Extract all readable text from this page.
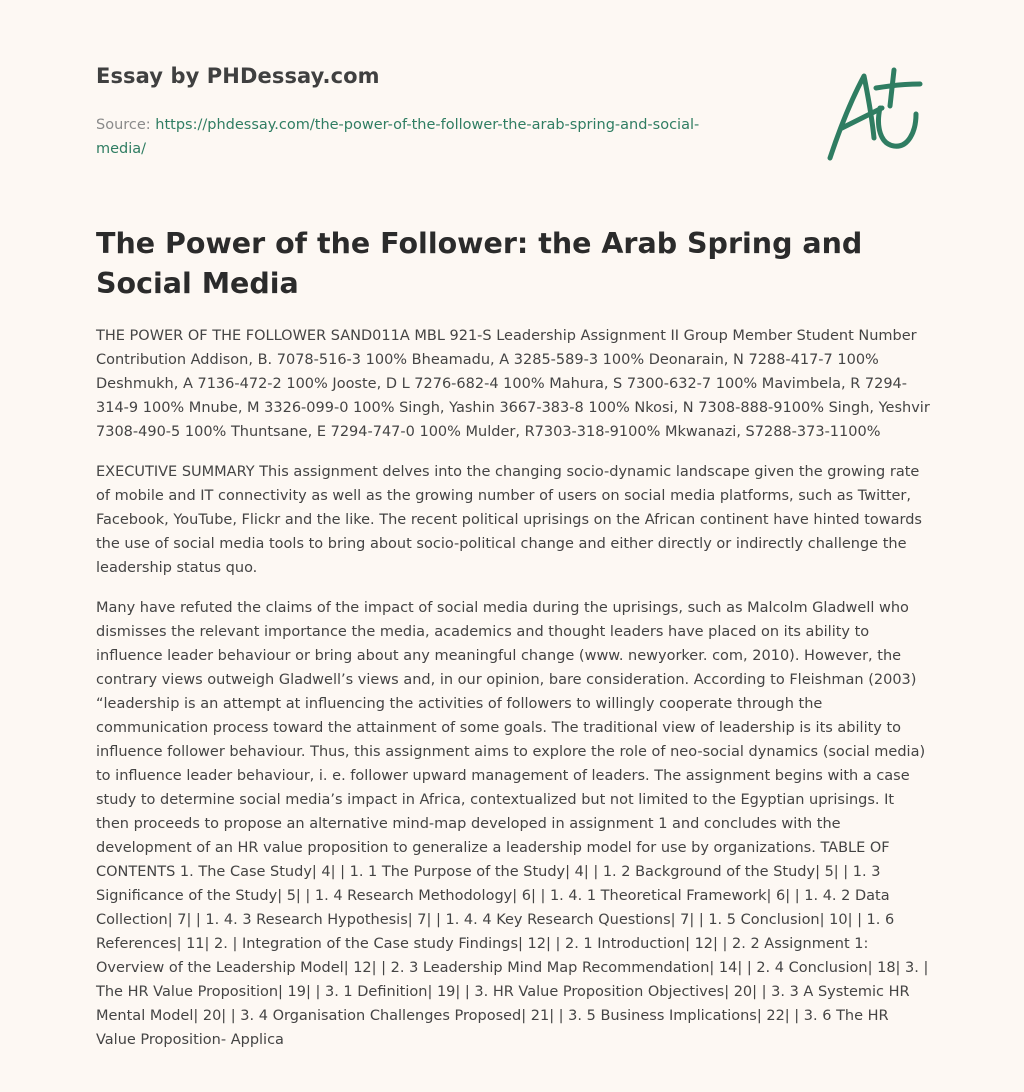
Essay by PHDessay.com
Source: https://phdessay.com/the-power-of-the-follower-the-arab-spring-and-social-media/
The Power of the Follower: the Arab Spring and Social Media

THE POWER OF THE FOLLOWER SAND011A MBL 921-S Leadership Assignment II Group Member Student Number Contribution Addison, B. 7078-516-3 100% Bheamadu, A 3285-589-3 100% Deonarain, N 7288-417-7 100% Deshmukh, A 7136-472-2 100% Jooste, D L 7276-682-4 100% Mahura, S 7300-632-7 100% Mavimbela, R 7294-314-9 100% Mnube, M 3326-099-0 100% Singh, Yashin 3667-383-8 100% Nkosi, N 7308-888-9100% Singh, Yeshvir 7308-490-5 100% Thuntsane, E 7294-747-0 100% Mulder, R7303-318-9100% Mkwanazi, S7288-373-1100%

EXECUTIVE SUMMARY This assignment delves into the changing socio-dynamic landscape given the growing rate of mobile and IT connectivity as well as the growing number of users on social media platforms, such as Twitter, Facebook, YouTube, Flickr and the like. The recent political uprisings on the African continent have hinted towards the use of social media tools to bring about socio-political change and either directly or indirectly challenge the leadership status quo.

Many have refuted the claims of the impact of social media during the uprisings, such as Malcolm Gladwell who dismisses the relevant importance the media, academics and thought leaders have placed on its ability to influence leader behaviour or bring about any meaningful change (www. newyorker. com, 2010). However, the contrary views outweigh Gladwell’s views and, in our opinion, bare consideration. According to Fleishman (2003) “leadership is an attempt at influencing the activities of followers to willingly cooperate through the communication process toward the attainment of some goals. The traditional view of leadership is its ability to influence follower behaviour. Thus, this assignment aims to explore the role of neo-social dynamics (social media) to influence leader behaviour, i. e. follower upward management of leaders. The assignment begins with a case study to determine social media’s impact in Africa, contextualized but not limited to the Egyptian uprisings. It then proceeds to propose an alternative mind-map developed in assignment 1 and concludes with the development of an HR value proposition to generalize a leadership model for use by organizations. TABLE OF CONTENTS 1. The Case Study| 4| | 1. 1 The Purpose of the Study| 4| | 1. 2 Background of the Study| 5| | 1. 3 Significance of the Study| 5| | 1. 4 Research Methodology| 6| | 1. 4. 1 Theoretical Framework| 6| | 1. 4. 2 Data Collection| 7| | 1. 4. 3 Research Hypothesis| 7| | 1. 4. 4 Key Research Questions| 7| | 1. 5 Conclusion| 10| | 1. 6 References| 11| 2. | Integration of the Case study Findings| 12| | 2. 1 Introduction| 12| | 2. 2 Assignment 1: Overview of the Leadership Model| 12| | 2. 3 Leadership Mind Map Recommendation| 14| | 2. 4 Conclusion| 18| 3. | The HR Value Proposition| 19| | 3. 1 Definition| 19| | 3. HR Value Proposition Objectives| 20| | 3. 3 A Systemic HR Mental Model| 20| | 3. 4 Organisation Challenges Proposed| 21| | 3. 5 Business Implications| 22| | 3. 6 The HR Value Proposition- Applica
